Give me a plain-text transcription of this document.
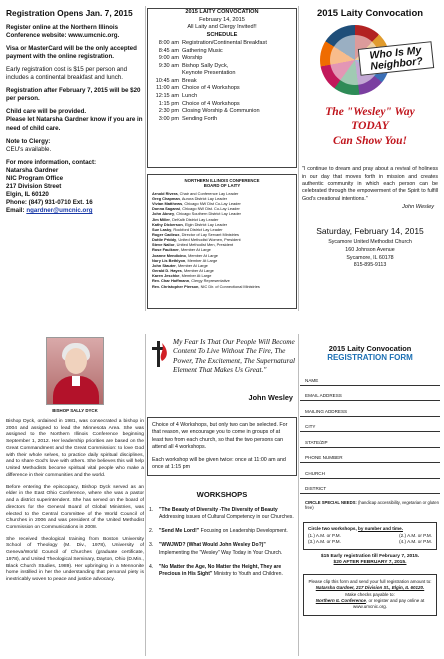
Registration Opens Jan. 7, 2015
Register online at the Northern Illinois Conference website: www.umcnic.org.
Visa or MasterCard will be the only accepted payment with the online registration.
Early registration cost is $15 per person and includes a continental breakfast and lunch.
Registration after February 7, 2015 will be $20 per person.
Child care will be provided.
Please let Natarsha Gardner know if you are in need of child care.
Note to Clergy:
CEU's available.
For more information, contact:
Natarsha Gardner
NIC Program Office
217 Division Street
Elgin, IL 60120
Phone: (847) 931-0710 Ext. 16
Email: ngardner@umcnic.org
2015 LAITY CONVOCATION
February 14, 2015
All Laity and Clergy Invited!!
SCHEDULE
8:00 am Registration/Continental Breakfast
8:45 am Gathering Music
9:00 am Worship
9:30 am Bishop Sally Dyck,
Keynote Presentation
10:45 am Break
11:00 am Choice of 4 Workshops
12:15 am Lunch
1:15 pm Choice of 4 Workshops
2:30 pm Closing Worship & Communion
3:00 pm Sending Forth
NORTHERN ILLINOIS CONFERENCE
BOARD OF LAITY
Arnold Rivera, Chair and Conference Lay Leader
Greg Chapman, Aurora District Lay Leader
Vivian Matthews, Chicago NW Dist Co-Lay Leader
Donna Sagansi, Chicago NW Dist. Co-Lay Leader
John Abney, Chicago Southern District Lay Leader
Jim Miller, DeKalb District Lay Leader
Kathy Dickerson, Elgin District Lay Leader
Sue Lasky, Rockford District Lay Leader
Roger Cadieux, Director of Lay Servant Ministries
Dottie Priddy, United Methodist Women, President
Steve Nailor, United Methodist Men, President
Rose Faulkner, Member At Large
Joanne Mendicino, Member At Large
Nory Lis Bethlyon, Member At Large
John Stauter, Member At Large
Gerald D. Hayes, Member At Large
Karen Jeschke, Member At Large
Rev. Char Hoffmann, Clergy Representative
Rev. Christopher Pierson, NIC Dir. of Connectional Ministries
2015 Laity Convocation
Who Is My Neighbor?
The "Wesley" Way
TODAY
Can Show You!
"I continue to dream and pray about a revival of holiness in our day that moves forth in mission and creates authentic community in which each person can be celebrated through the empowerment of the Spirit to fulfill God's creational intentions."
John Wesley
Saturday, February 14, 2015
Sycamore United Methodist Church
160 Johnson Avenue
Sycamore, IL 60178
815-895-9113
BISHOP SALLY DYCK

Bishop Dyck, ordained in 1981, was consecrated a bishop in 2004 and assigned to lead the Minnesota Area. She was assigned to the Northern Illinois Conference beginning September 1, 2012. Her leadership priorities are based on the Great Commandment and the Great Commission: to love God with their whole selves, to practice daily spiritual disciplines, and to share God's love with others. She believes this will help United Methodists become spiritual vital people who make a difference in their communities and the world.

Before entering the episcopacy, Bishop Dyck served as an elder in the East Ohio Conference, where she was a pastor and a district superintendent. She has served on the board of directors for the General Board of Global Ministries, was elected to the Central Committee of the World Council of Churches in 2006 and was president of the United Methodist Commission on Communications in 2008.

She received theological training from Boston University School of Theology (M. Div., 1978), University of Geneva/World Council of Churches (graduate certificate, 1978), and United Theological Seminary, Dayton, Ohio (D.Min., Black Church Studies, 1989). Her upbringing in a Mennonite home instilled in her the understanding that personal piety is inextricably woven to peace and justice advocacy.

My Fear Is That Our People Will Become Content To Live Without The Fire, The Power, The Excitement, The Supernatural Element That Makes Us Great."
John Wesley

Choice of 4 Workshops, but only two can be selected. For that reason, we encourage you to come in groups of at least two from each church, so that the two persons can attend all 4 workshops.

Each workshop will be given twice: once at 11:00 am and once at 1:15 pm

WORKSHOPS
1.	"The Beauty of Diversity -The Diversity of Beauty Addressing issues of Cultural Competency in our Churches.
2.	"Send Me Lord!" Focusing on Leadership Development.
3.	"WWJWD? (What Would John Wesley Do?)" Implementing the "Wesley" Way Today in Your Church.
4.	"No Matter the Age, No Matter the Height, They are Precious in His Sight" Ministry to Youth and Children.
2015 Laity Convocation
REGISTRATION FORM
NAME
EMAIL ADDRESS
MAILING ADDRESS
CITY
STATE/ZIP
PHONE NUMBER
CHURCH
DISTRICT
CIRCLE SPECIAL NEEDS: (handicap accessibility, vegetarian or gluten free)
Circle two workshops, by number and time.
(1.) A.M. or P.M.	(2.) A.M. or P.M.
(3.) A.M. or P.M.	(4.) A.M. or P.M.
$15 Early registration till February 7, 2015.
$20 AFTER FEBRUARY 7, 2015.
Please clip this form and send your full registration amount to:
Natarsha Gardner, 217 Division St., Elgin, IL 60120.
Make checks payable to:
Northern IL Conference, or register and pay online at www.umcnic.org.
